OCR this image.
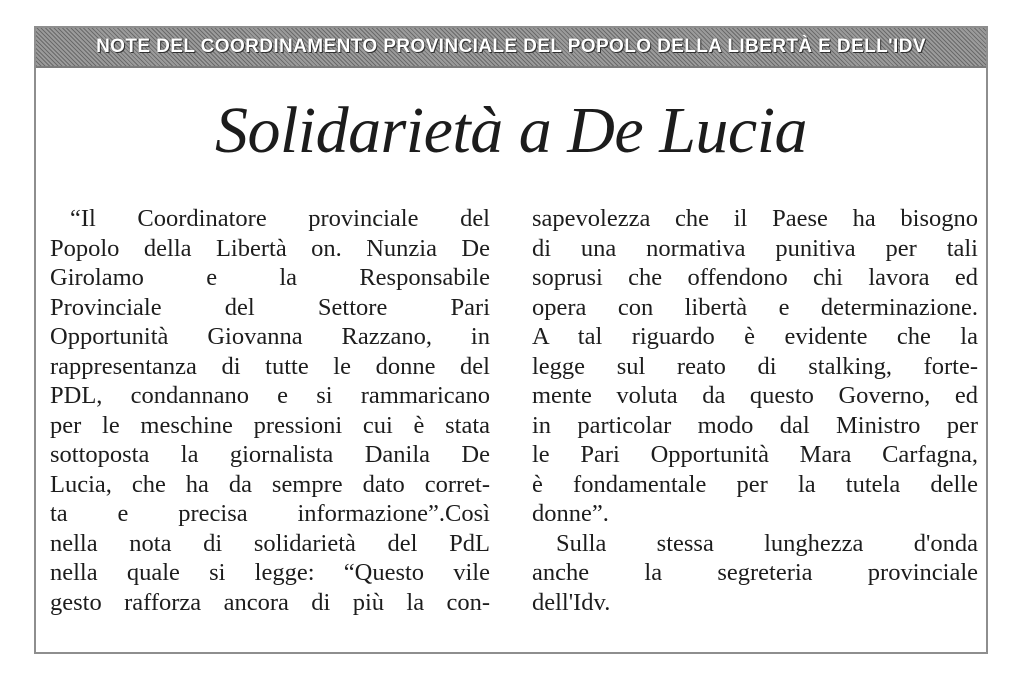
NOTE DEL COORDINAMENTO PROVINCIALE DEL POPOLO DELLA LIBERTÀ E DELL'IDV
Solidarietà a De Lucia
“Il Coordinatore provinciale del
Popolo della Libertà on. Nunzia De
Girolamo e la Responsabile
Provinciale del Settore Pari
Opportunità Giovanna Razzano, in
rappresentanza di tutte le donne del
PDL, condannano e si rammaricano
per le meschine pressioni cui è stata
sottoposta la giornalista Danila De
Lucia, che ha da sempre dato corret-
ta e precisa informazione”.Così
nella nota di solidarietà del PdL
nella quale si legge: “Questo vile
gesto rafforza ancora di più la con-
sapevolezza che il Paese ha bisogno
di una normativa punitiva per tali
soprusi che offendono chi lavora ed
opera con libertà e determinazione.
A tal riguardo è evidente che la
legge sul reato di stalking, forte-
mente voluta da questo Governo, ed
in particolar modo dal Ministro per
le Pari Opportunità Mara Carfagna,
è fondamentale per la tutela delle
donne”.
Sulla stessa lunghezza d'onda
anche la segreteria provinciale
dell'Idv.
